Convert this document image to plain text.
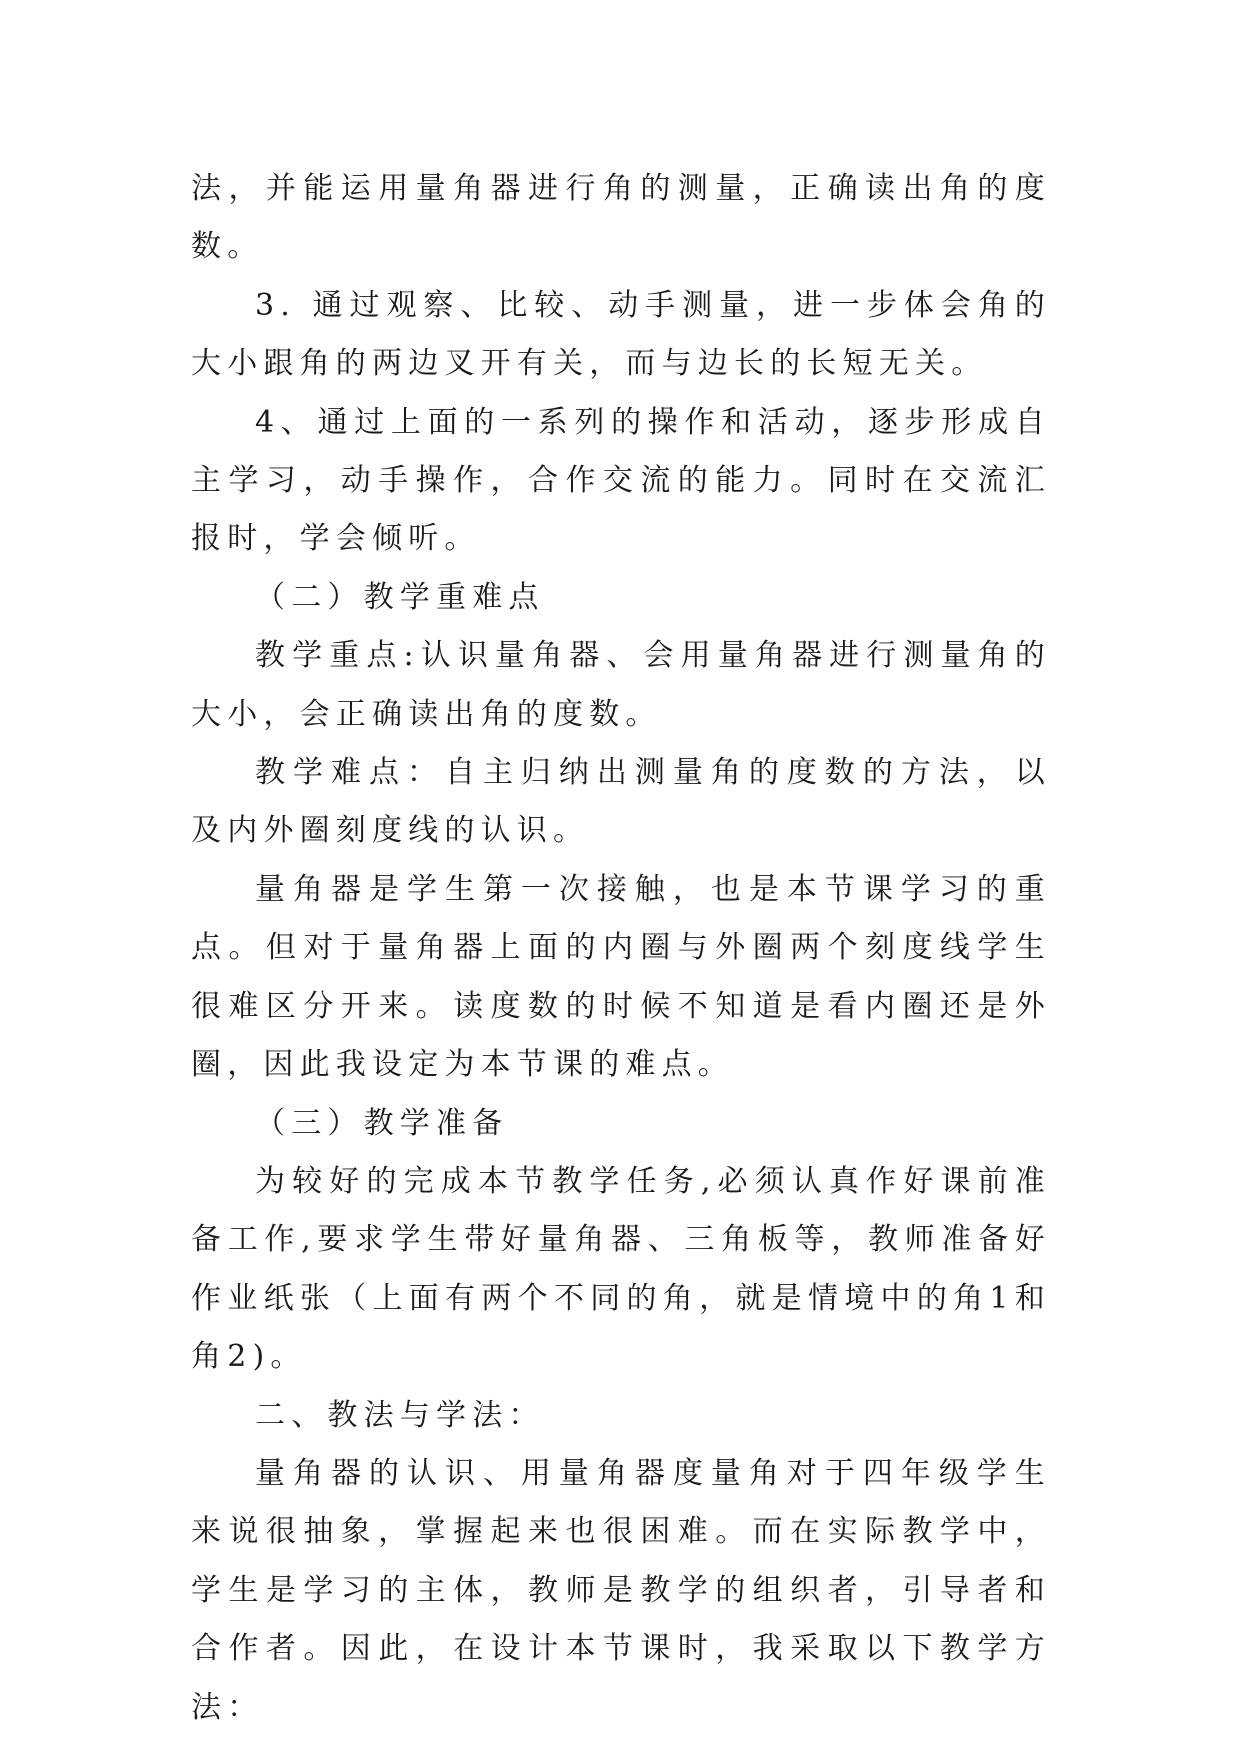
法，并能运用量角器进行角的测量，正确读出角的度数。

3. 通过观察、比较、动手测量，进一步体会角的大小跟角的两边叉开有关，而与边长的长短无关。

4、通过上面的一系列的操作和活动，逐步形成自主学习，动手操作，合作交流的能力。同时在交流汇报时，学会倾听。

（二）教学重难点

教学重点:认识量角器、会用量角器进行测量角的大小，会正确读出角的度数。

教学难点：自主归纳出测量角的度数的方法，以及内外圈刻度线的认识。

量角器是学生第一次接触，也是本节课学习的重点。但对于量角器上面的内圈与外圈两个刻度线学生很难区分开来。读度数的时候不知道是看内圈还是外圈，因此我设定为本节课的难点。

（三）教学准备

为较好的完成本节教学任务,必须认真作好课前准备工作,要求学生带好量角器、三角板等，教师准备好作业纸张（上面有两个不同的角，就是情境中的角1和角2)。

二、教法与学法：

量角器的认识、用量角器度量角对于四年级学生来说很抽象，掌握起来也很困难。而在实际教学中，学生是学习的主体，教师是教学的组织者，引导者和合作者。因此，在设计本节课时，我采取以下教学方法：
